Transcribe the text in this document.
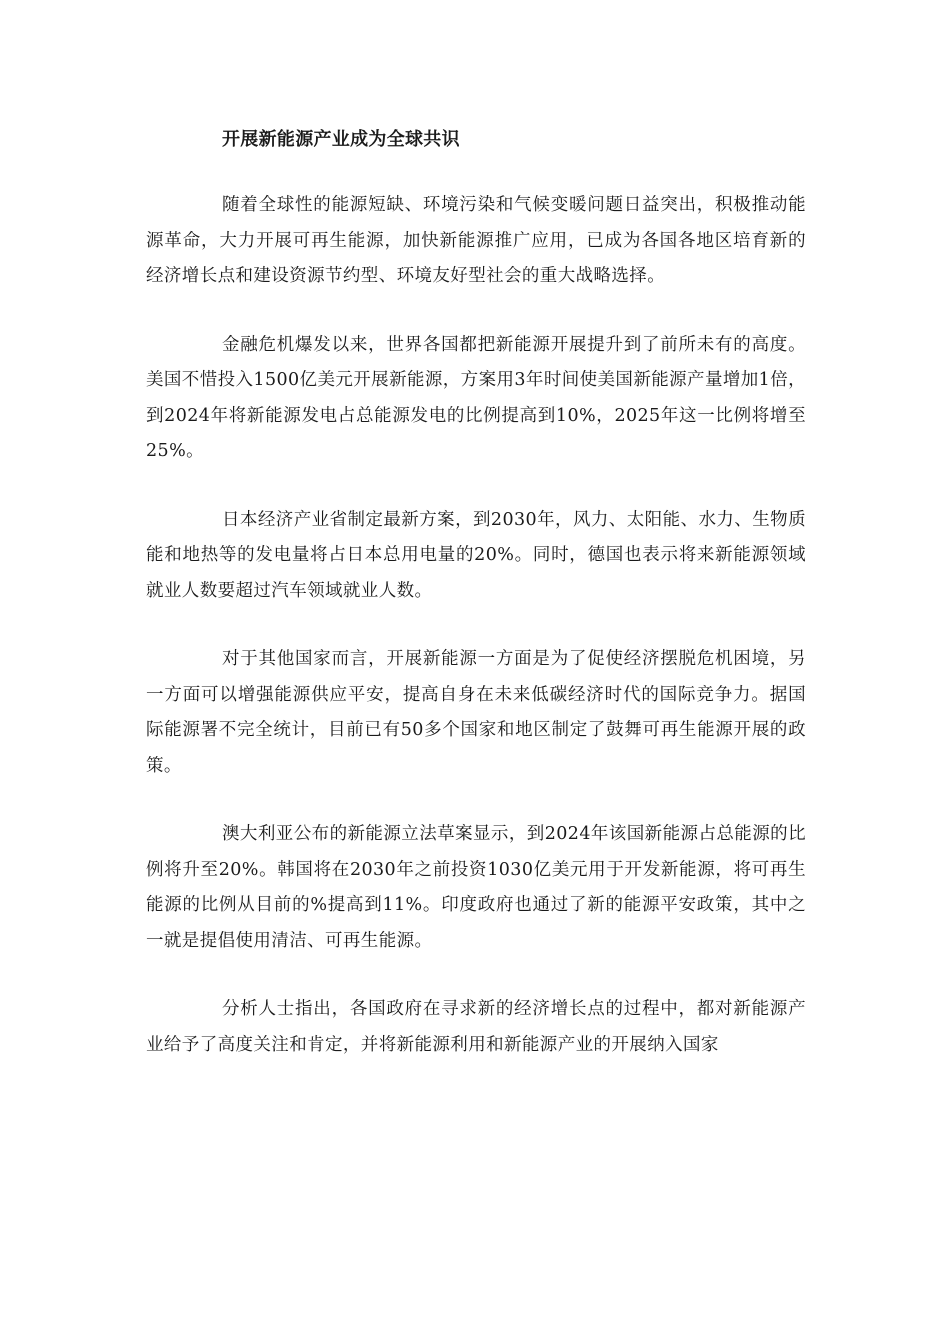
开展新能源产业成为全球共识

随着全球性的能源短缺、环境污染和气候变暖问题日益突出，积极推动能源革命，大力开展可再生能源，加快新能源推广应用，已成为各国各地区培育新的经济增长点和建设资源节约型、环境友好型社会的重大战略选择。

金融危机爆发以来，世界各国都把新能源开展提升到了前所未有的高度。美国不惜投入1500亿美元开展新能源，方案用3年时间使美国新能源产量增加1倍，到2024年将新能源发电占总能源发电的比例提高到10%，2025年这一比例将增至25%。

日本经济产业省制定最新方案，到2030年，风力、太阳能、水力、生物质能和地热等的发电量将占日本总用电量的20%。同时，德国也表示将来新能源领域就业人数要超过汽车领域就业人数。

对于其他国家而言，开展新能源一方面是为了促使经济摆脱危机困境，另一方面可以增强能源供应平安，提高自身在未来低碳经济时代的国际竞争力。据国际能源署不完全统计，目前已有50多个国家和地区制定了鼓舞可再生能源开展的政策。

澳大利亚公布的新能源立法草案显示，到2024年该国新能源占总能源的比例将升至20%。韩国将在2030年之前投资1030亿美元用于开发新能源，将可再生能源的比例从目前的%提高到11%。印度政府也通过了新的能源平安政策，其中之一就是提倡使用清洁、可再生能源。

分析人士指出，各国政府在寻求新的经济增长点的过程中，都对新能源产业给予了高度关注和肯定，并将新能源利用和新能源产业的开展纳入国家
